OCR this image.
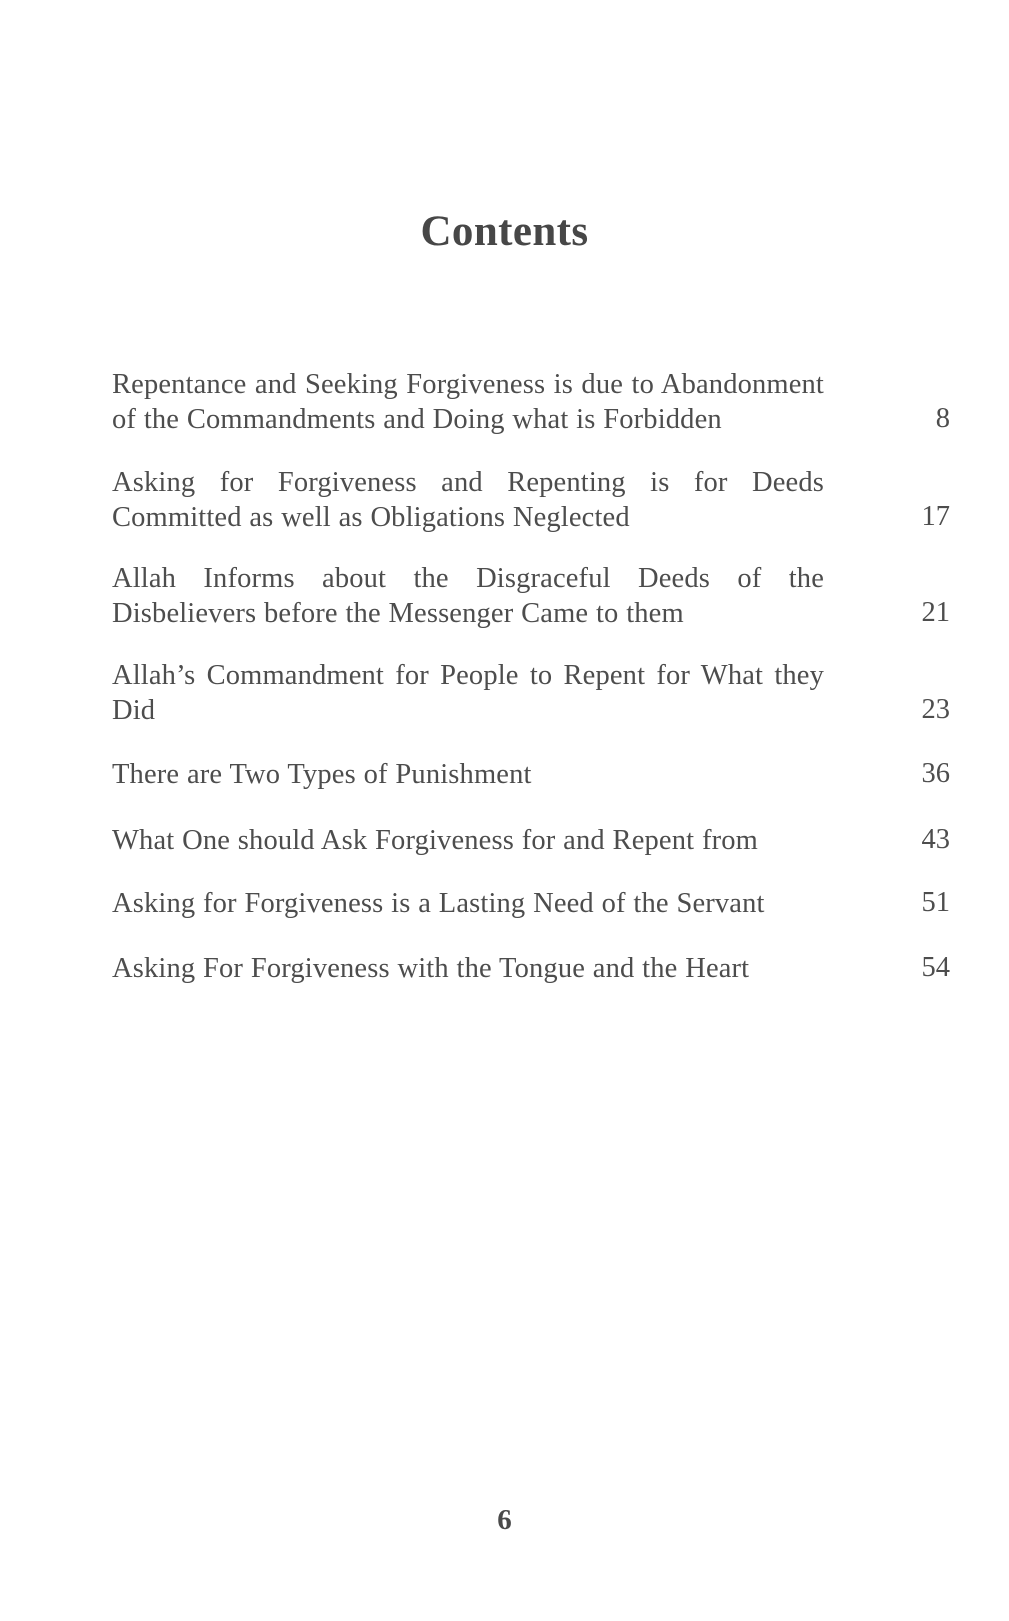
Contents
Repentance and Seeking Forgiveness is due to Abandonment of the Commandments and Doing what is Forbidden	8
Asking for Forgiveness and Repenting is for Deeds Committed as well as Obligations Neglected	17
Allah Informs about the Disgraceful Deeds of the Disbelievers before the Messenger Came to them	21
Allah’s Commandment for People to Repent for What they Did	23
There are Two Types of Punishment	36
What One should Ask Forgiveness for and Repent from	43
Asking for Forgiveness is a Lasting Need of the Servant	51
Asking For Forgiveness with the Tongue and the Heart	54
6
